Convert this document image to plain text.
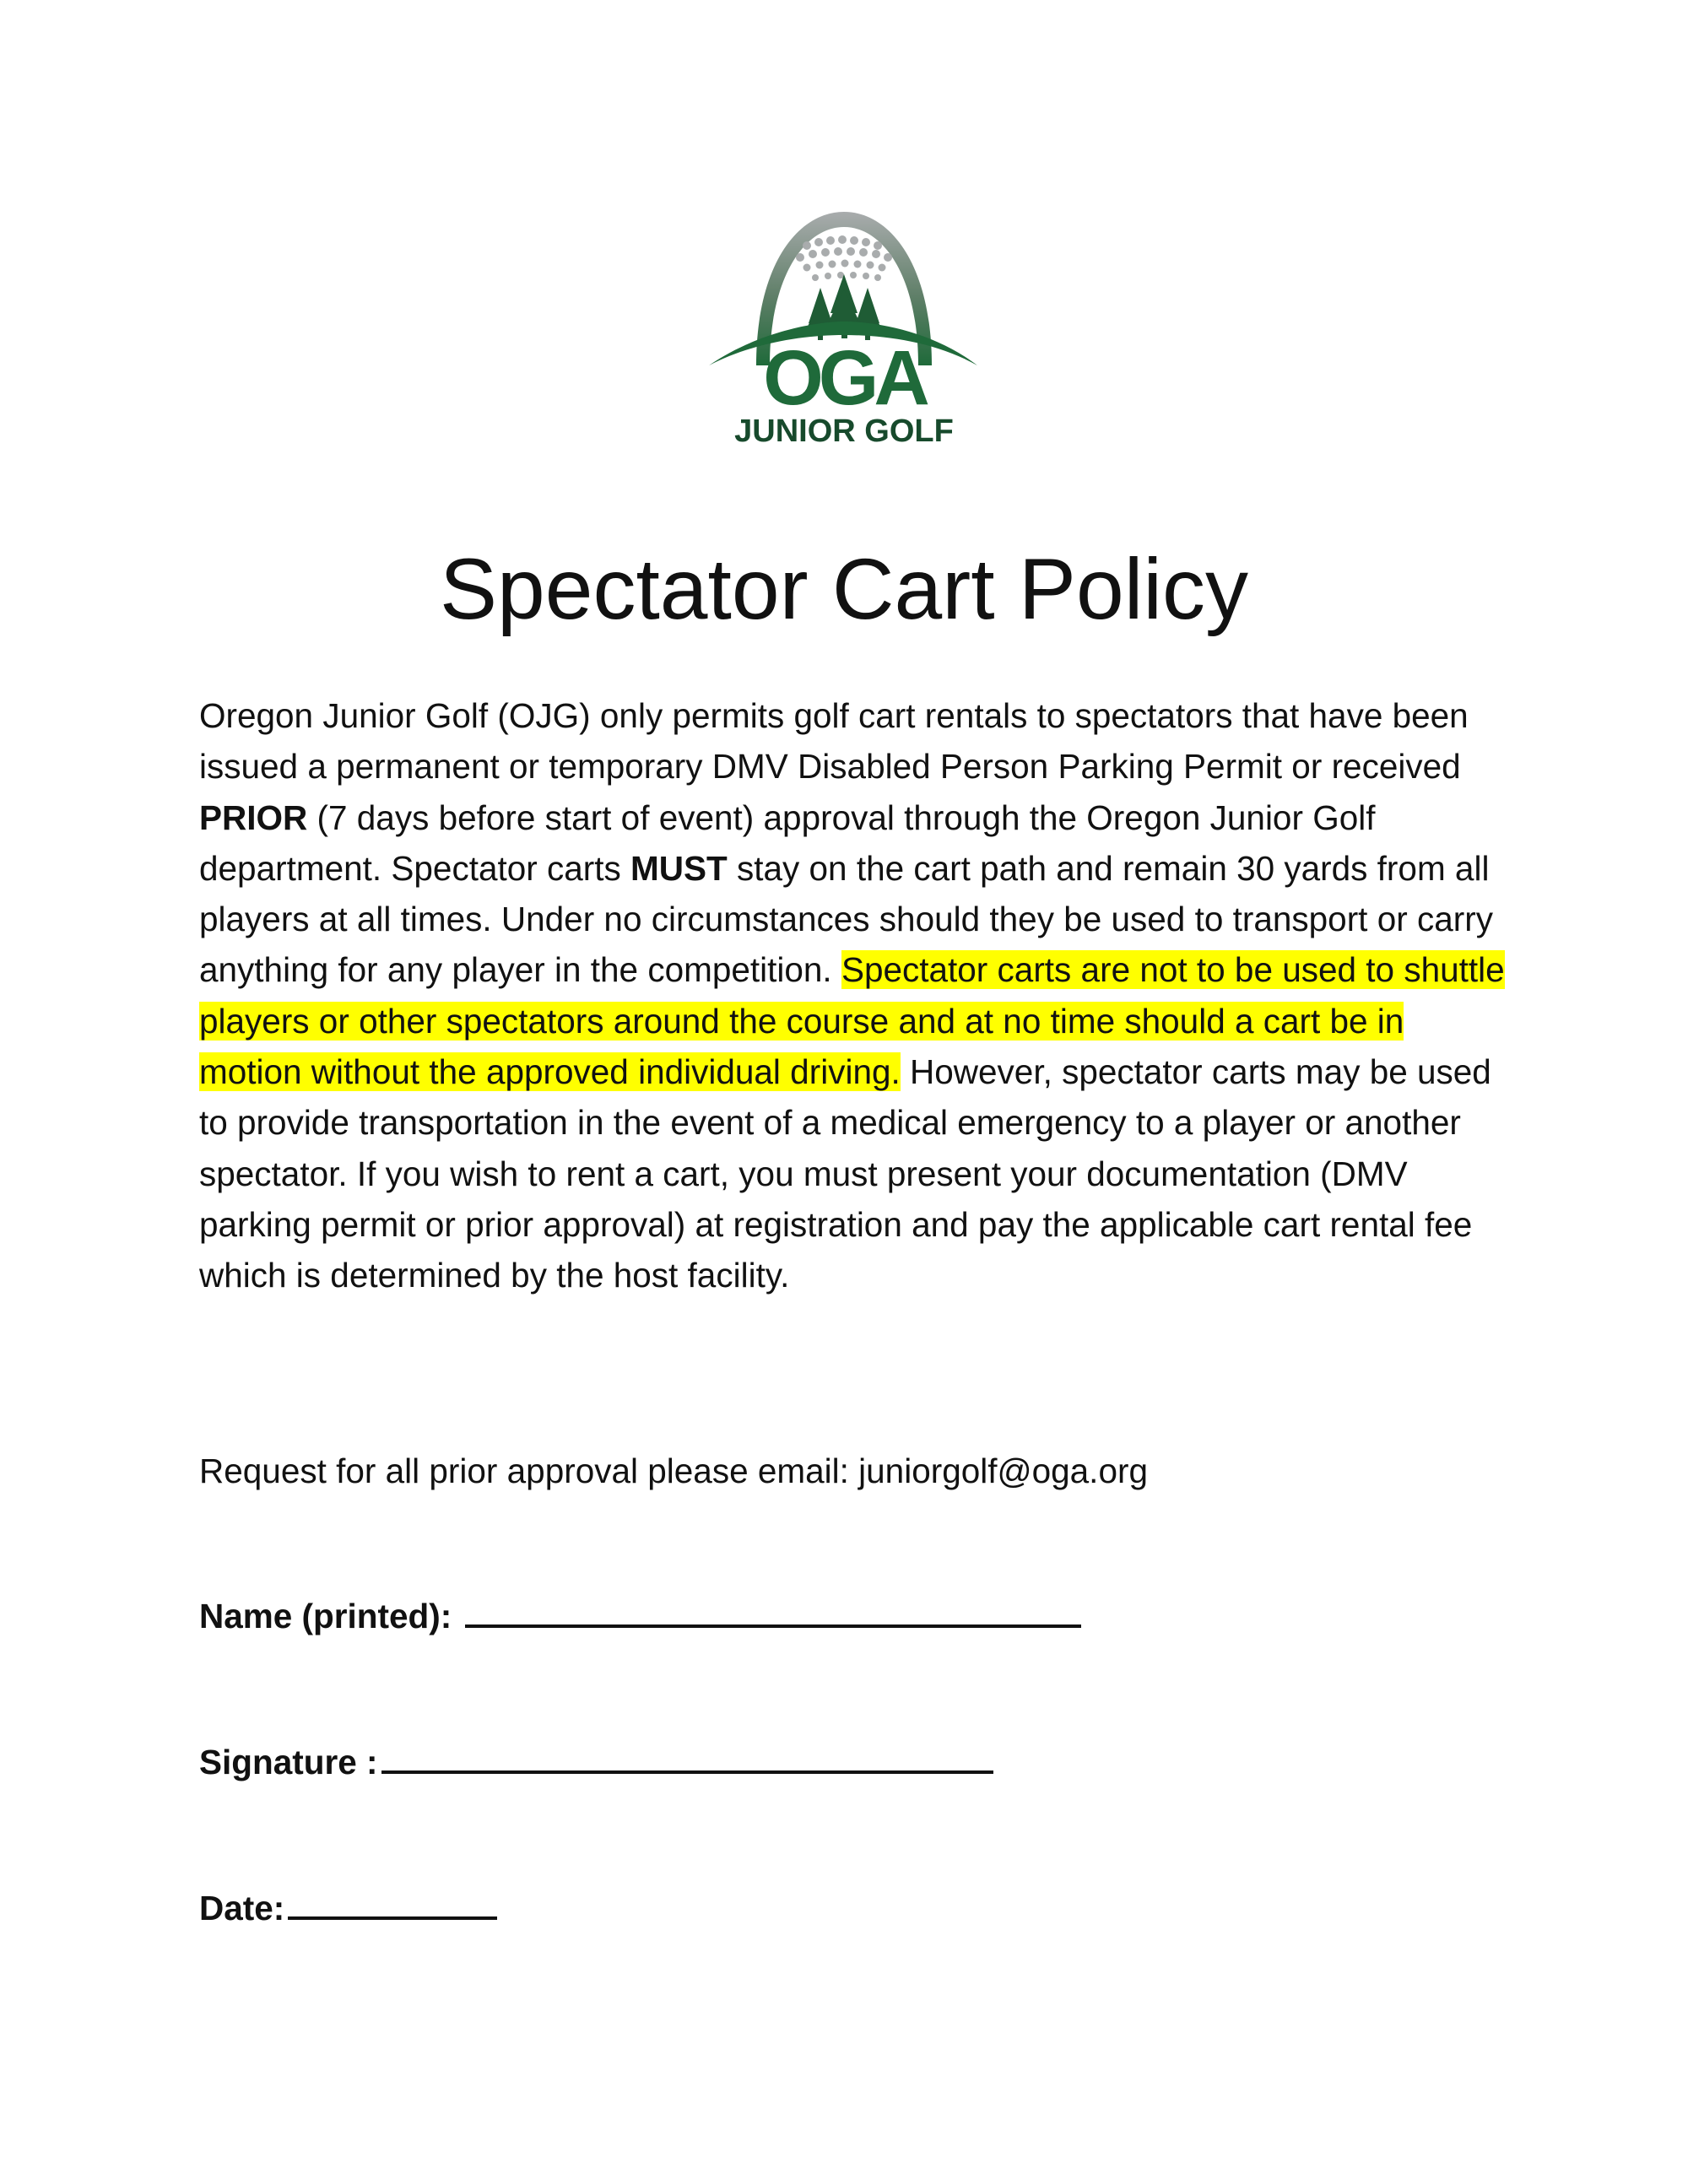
OGA
JUNIOR GOLF
Spectator Cart Policy

Oregon Junior Golf (OJG) only permits golf cart rentals to spectators that have been issued a permanent or temporary DMV Disabled Person Parking Permit or received PRIOR (7 days before start of event) approval through the Oregon Junior Golf department. Spectator carts MUST stay on the cart path and remain 30 yards from all players at all times. Under no circumstances should they be used to transport or carry anything for any player in the competition. Spectator carts are not to be used to shuttle players or other spectators around the course and at no time should a cart be in motion without the approved individual driving. However, spectator carts may be used to provide transportation in the event of a medical emergency to a player or another spectator. If you wish to rent a cart, you must present your documentation (DMV parking permit or prior approval) at registration and pay the applicable cart rental fee which is determined by the host facility.

Request for all prior approval please email: juniorgolf@oga.org
Name (printed):
Signature :
Date:
